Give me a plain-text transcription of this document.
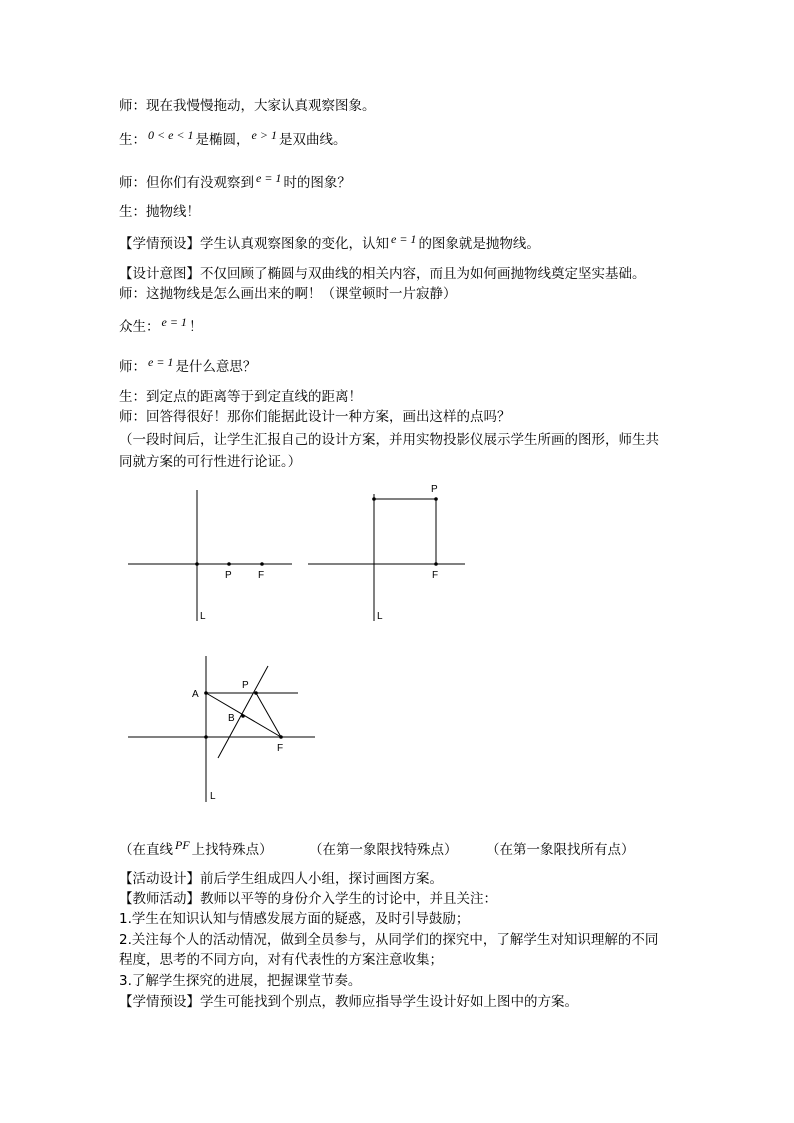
师：现在我慢慢拖动，大家认真观察图象。
生： 0 < e < 1 是椭圆， e > 1 是双曲线。
师：但你们有没观察到 e = 1 时的图象？
生：抛物线！
【学情预设】学生认真观察图象的变化，认知 e = 1 的图象就是抛物线。
【设计意图】不仅回顾了椭圆与双曲线的相关内容，而且为如何画抛物线奠定坚实基础。
师：这抛物线是怎么画出来的啊！（课堂顿时一片寂静）
众生： e = 1 ！
师： e = 1 是什么意思？
生：到定点的距离等于到定直线的距离！
师：回答得很好！那你们能据此设计一种方案，画出这样的点吗？
（一段时间后，让学生汇报自己的设计方案，并用实物投影仪展示学生所画的图形，师生共
同就方案的可行性进行论证。）
P	F
L
P
F
L
A
P
B
F
L
（在直线 PF 上找特殊点）	（在第一象限找特殊点） （在第一象限找所有点）
【活动设计】前后学生组成四人小组，探讨画图方案。
【教师活动】教师以平等的身份介入学生的讨论中，并且关注：
1.学生在知识认知与情感发展方面的疑惑，及时引导鼓励；
2.关注每个人的活动情况，做到全员参与，从同学们的探究中，了解学生对知识理解的不同
程度，思考的不同方向，对有代表性的方案注意收集；
3.了解学生探究的进展，把握课堂节奏。
【学情预设】学生可能找到个别点，教师应指导学生设计好如上图中的方案。
